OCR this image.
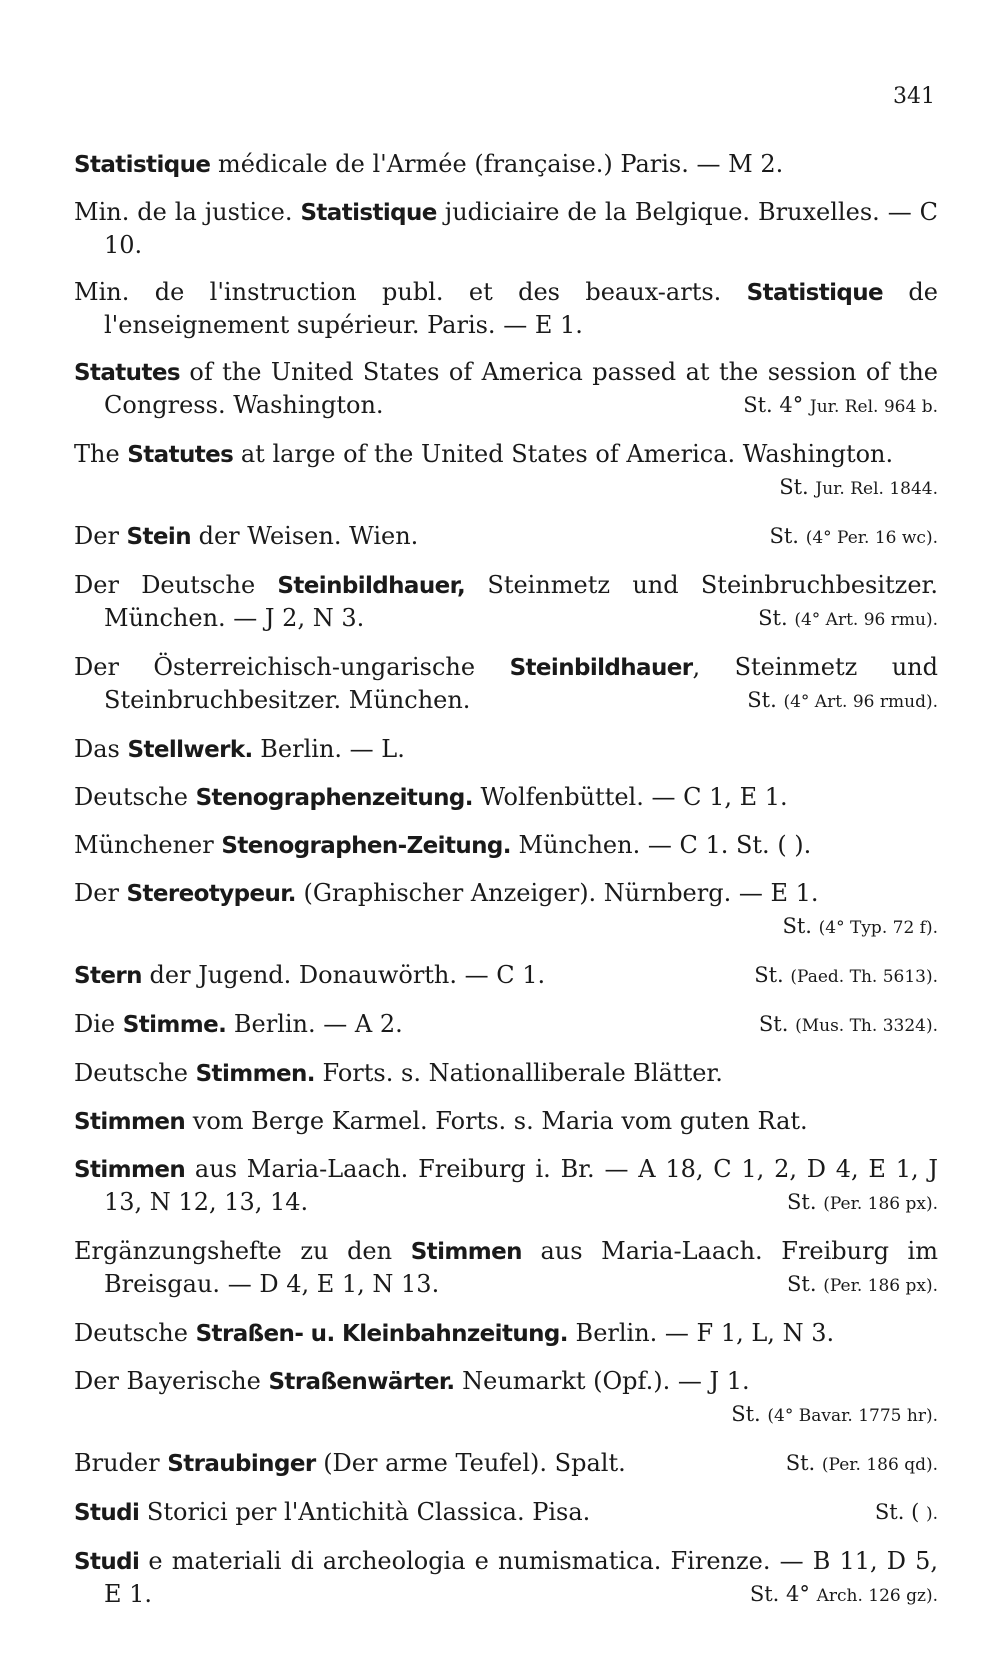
341
Statistique médicale de l'Armée (française.) Paris. — M 2.
Min. de la justice. Statistique judiciaire de la Belgique. Bruxelles. — C 10.
Min. de l'instruction publ. et des beaux-arts. Statistique de l'enseignement supérieur. Paris. — E 1.
Statutes of the United States of America passed at the session of the Congress. Washington.	St. 4° Jur. Rel. 964 b.
The Statutes at large of the United States of America. Washington.
St. Jur. Rel. 1844.
Der Stein der Weisen. Wien.	St. (4° Per. 16 wc).
Der Deutsche Steinbildhauer, Steinmetz und Steinbruchbesitzer. München. — J 2, N 3.	St. (4° Art. 96 rmu).
Der Österreichisch-ungarische Steinbildhauer, Steinmetz und Steinbruchbesitzer. München.	St. (4° Art. 96 rmud).
Das Stellwerk. Berlin. — L.
Deutsche Stenographenzeitung. Wolfenbüttel. — C 1, E 1.
Münchener Stenographen-Zeitung. München. — C 1. St. ( ).
Der Stereotypeur. (Graphischer Anzeiger). Nürnberg. — E 1.
St. (4° Typ. 72 f).
Stern der Jugend. Donauwörth. — C 1.	St. (Paed. Th. 5613).
Die Stimme. Berlin. — A 2.	St. (Mus. Th. 3324).
Deutsche Stimmen. Forts. s. Nationalliberale Blätter.
Stimmen vom Berge Karmel. Forts. s. Maria vom guten Rat.
Stimmen aus Maria-Laach. Freiburg i. Br. — A 18, C 1, 2, D 4, E 1, J 13, N 12, 13, 14.	St. (Per. 186 px).
Ergänzungshefte zu den Stimmen aus Maria-Laach. Freiburg im Breisgau. — D 4, E 1, N 13.	St. (Per. 186 px).
Deutsche Straßen- u. Kleinbahnzeitung. Berlin. — F 1, L, N 3.
Der Bayerische Straßenwärter. Neumarkt (Opf.). — J 1.
St. (4° Bavar. 1775 hr).
Bruder Straubinger (Der arme Teufel). Spalt.	St. (Per. 186 qd).
Studi Storici per l'Antichità Classica. Pisa.	St. ( ).
Studi e materiali di archeologia e numismatica. Firenze. — B 11, D 5, E 1.	St. 4° Arch. 126 gz).
